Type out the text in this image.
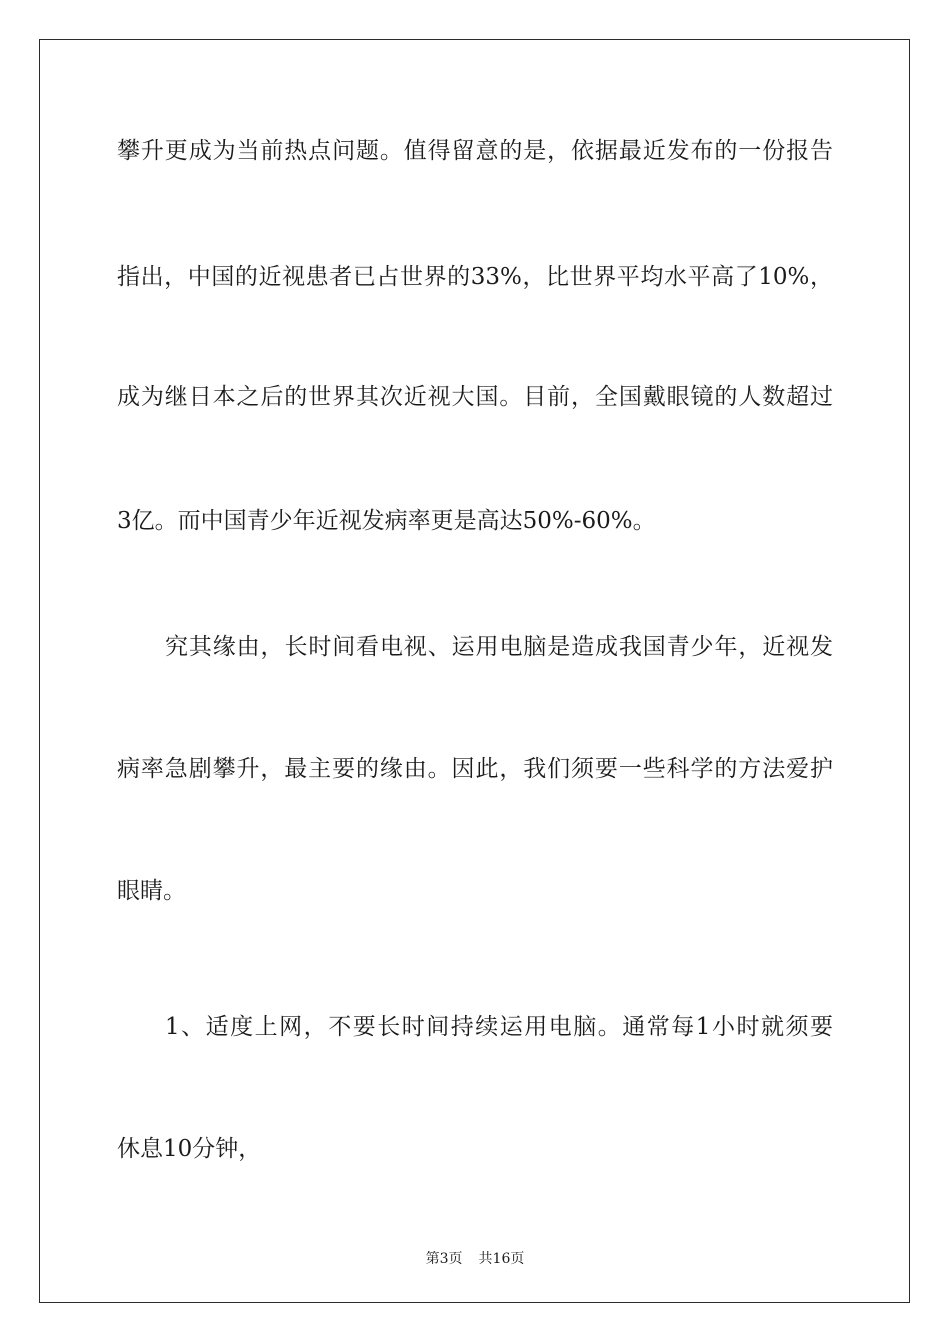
攀升更成为当前热点问题。值得留意的是，依据最近发布的一份报告
指出，中国的近视患者已占世界的33%，比世界平均水平高了10%，
成为继日本之后的世界其次近视大国。目前，全国戴眼镜的人数超过
3亿。而中国青少年近视发病率更是高达50%-60%。
究其缘由，长时间看电视、运用电脑是造成我国青少年，近视发
病率急剧攀升，最主要的缘由。因此，我们须要一些科学的方法爱护
眼睛。
1、适度上网，不要长时间持续运用电脑。通常每1小时就须要
休息10分钟，
第3页 共16页
